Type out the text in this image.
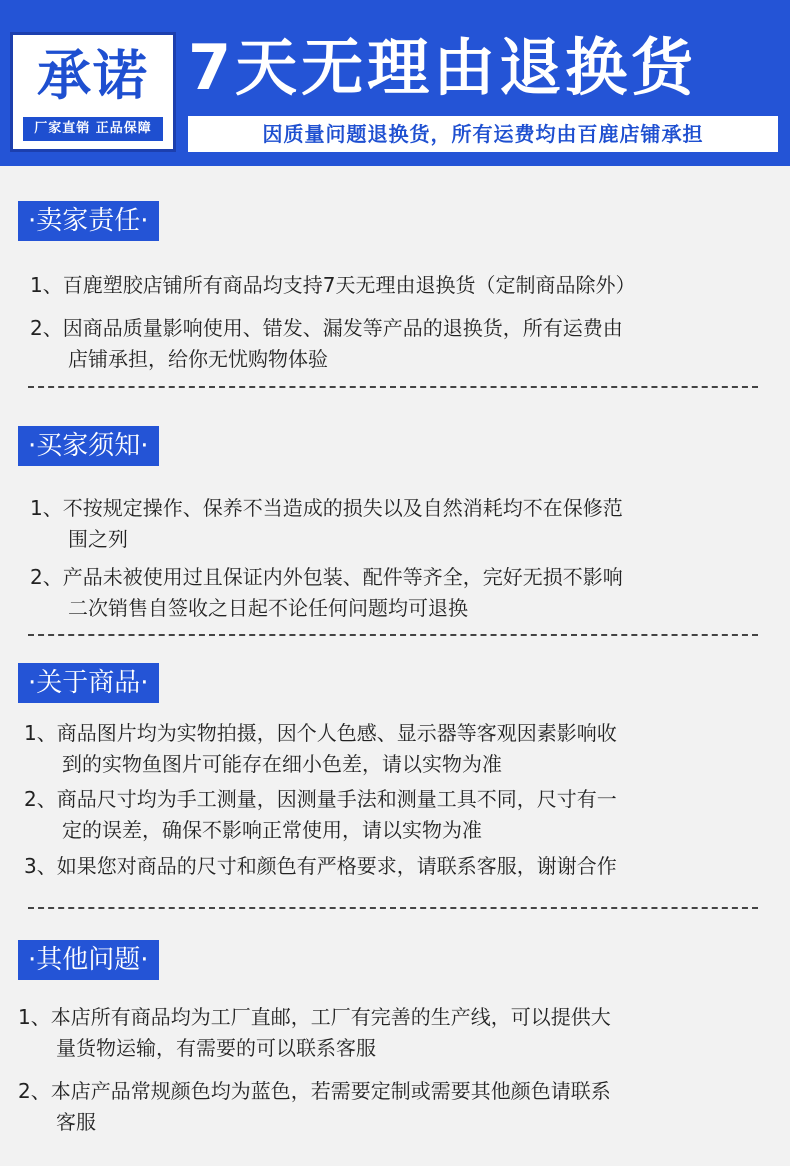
承诺
厂家直销 正品保障
7天无理由退换货
因质量问题退换货，所有运费均由百鹿店铺承担
·卖家责任·
1、百鹿塑胶店铺所有商品均支持7天无理由退换货（定制商品除外）
2、因商品质量影响使用、错发、漏发等产品的退换货，所有运费由
店铺承担，给你无忧购物体验
·买家须知·
1、不按规定操作、保养不当造成的损失以及自然消耗均不在保修范
围之列
2、产品未被使用过且保证内外包装、配件等齐全，完好无损不影响
二次销售自签收之日起不论任何问题均可退换
·关于商品·
1、商品图片均为实物拍摄，因个人色感、显示器等客观因素影响收
到的实物鱼图片可能存在细小色差，请以实物为准
2、商品尺寸均为手工测量，因测量手法和测量工具不同，尺寸有一
定的误差，确保不影响正常使用，请以实物为准
3、如果您对商品的尺寸和颜色有严格要求，请联系客服，谢谢合作
·其他问题·
1、本店所有商品均为工厂直邮，工厂有完善的生产线，可以提供大
量货物运输，有需要的可以联系客服
2、本店产品常规颜色均为蓝色，若需要定制或需要其他颜色请联系
客服
